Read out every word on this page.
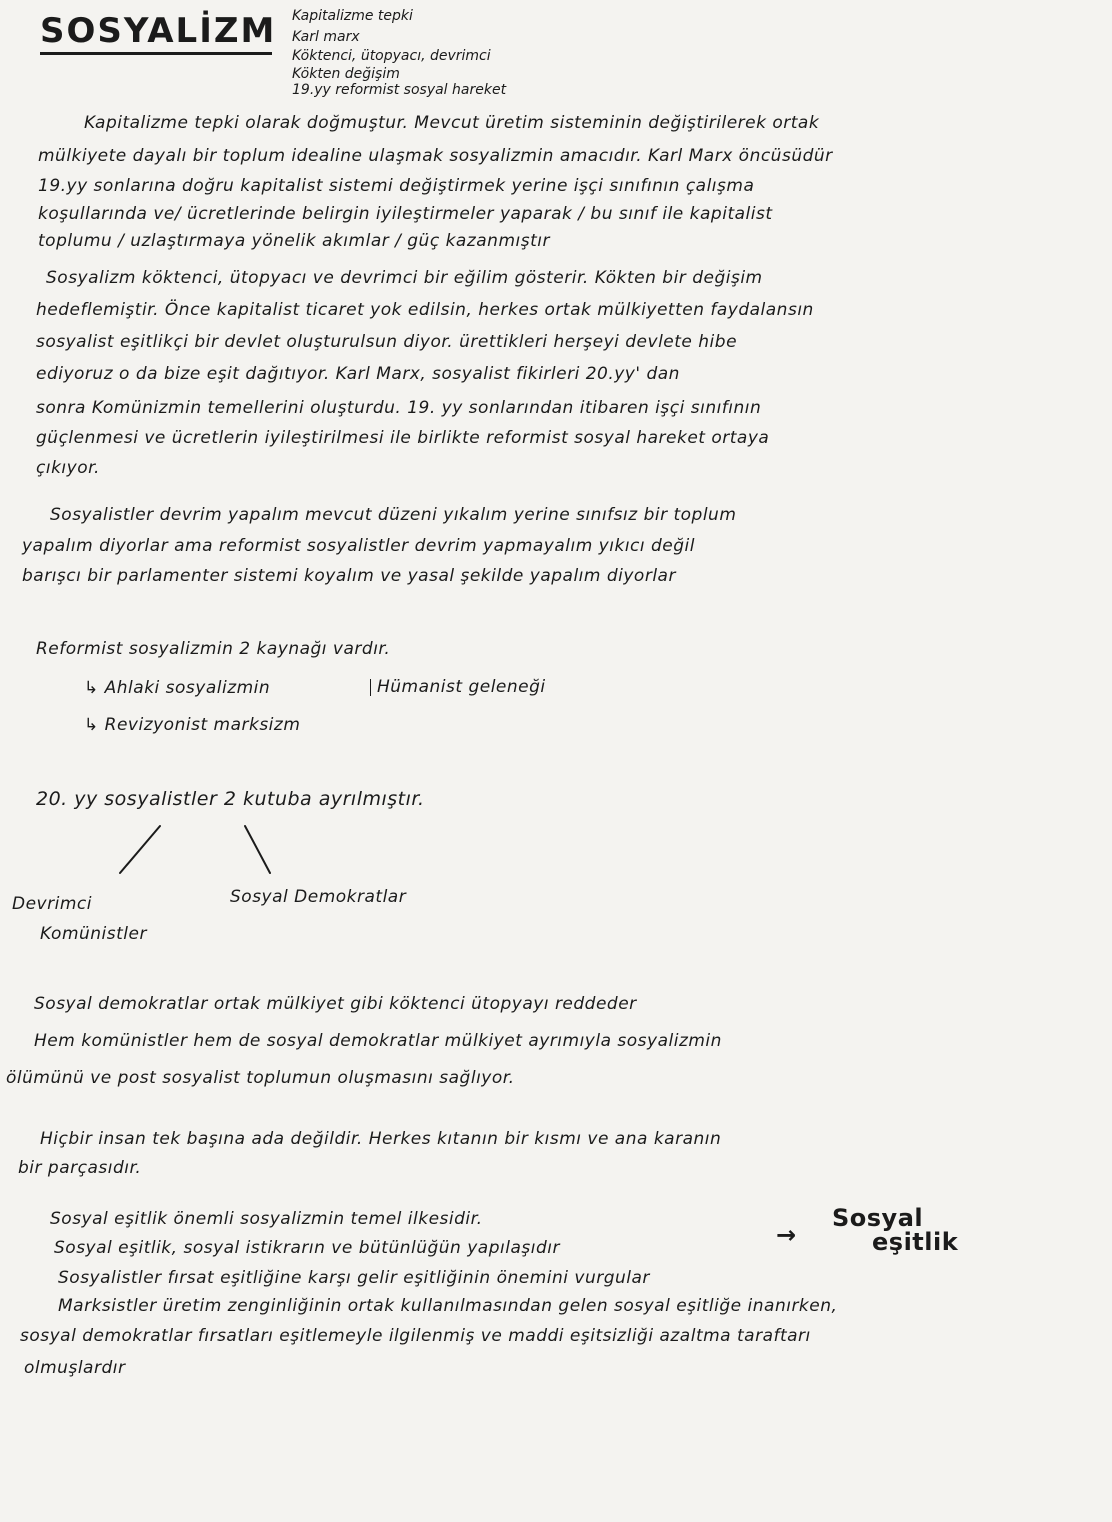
SOSYALİZM Kapitalizme tepki
Karl marx
Köktenci, ütopyacı, devrimci
Kökten değişim
19.yy reformist sosyal hareket
Kapitalizme tepki olarak doğmuştur. Mevcut üretim sisteminin değiştirilerek ortak
mülkiyete dayalı bir toplum idealine ulaşmak sosyalizmin amacıdır. Karl Marx öncüsüdür
19.yy sonlarına doğru kapitalist sistemi değiştirmek yerine işçi sınıfının çalışma
koşullarında ve/ ücretlerinde belirgin iyileştirmeler yaparak / bu sınıf ile kapitalist
toplumu / uzlaştırmaya yönelik akımlar / güç kazanmıştır
Sosyalizm köktenci, ütopyacı ve devrimci bir eğilim gösterir. Kökten bir değişim
hedeflemiştir. Önce kapitalist ticaret yok edilsin, herkes ortak mülkiyetten faydalansın
sosyalist eşitlikçi bir devlet oluşturulsun diyor. ürettikleri herşeyi devlete hibe
ediyoruz o da bize eşit dağıtıyor. Karl Marx, sosyalist fikirleri 20.yy' dan
sonra Komünizmin temellerini oluşturdu. 19. yy sonlarından itibaren işçi sınıfının
güçlenmesi ve ücretlerin iyileştirilmesi ile birlikte reformist sosyal hareket ortaya
çıkıyor.
Sosyalistler devrim yapalım mevcut düzeni yıkalım yerine sınıfsız bir toplum
yapalım diyorlar ama reformist sosyalistler devrim yapmayalım yıkıcı değil
barışcı bir parlamenter sistemi koyalım ve yasal şekilde yapalım diyorlar
Reformist sosyalizmin 2 kaynağı vardır.
↳ Ahlaki sosyalizmin	Hümanist geleneği
↳ Revizyonist marksizm
20. yy sosyalistler 2 kutuba ayrılmıştır.
Devrimci
Komünistler
Sosyal Demokratlar
Sosyal demokratlar ortak mülkiyet gibi köktenci ütopyayı reddeder
Hem komünistler hem de sosyal demokratlar mülkiyet ayrımıyla sosyalizmin
ölümünü ve post sosyalist toplumun oluşmasını sağlıyor.
Hiçbir insan tek başına ada değildir. Herkes kıtanın bir kısmı ve ana karanın
bir parçasıdır.
Sosyal eşitlik önemli sosyalizmin temel ilkesidir.
Sosyal eşitlik, sosyal istikrarın ve bütünlüğün yapılaşıdır
Sosyalistler fırsat eşitliğine karşı gelir eşitliğinin önemini vurgular
Marksistler üretim zenginliğinin ortak kullanılmasından gelen sosyal eşitliğe inanırken,
sosyal demokratlar fırsatları eşitlemeyle ilgilenmiş ve maddi eşitsizliği azaltma taraftarı
olmuşlardır
→
Sosyal
eşitlik
